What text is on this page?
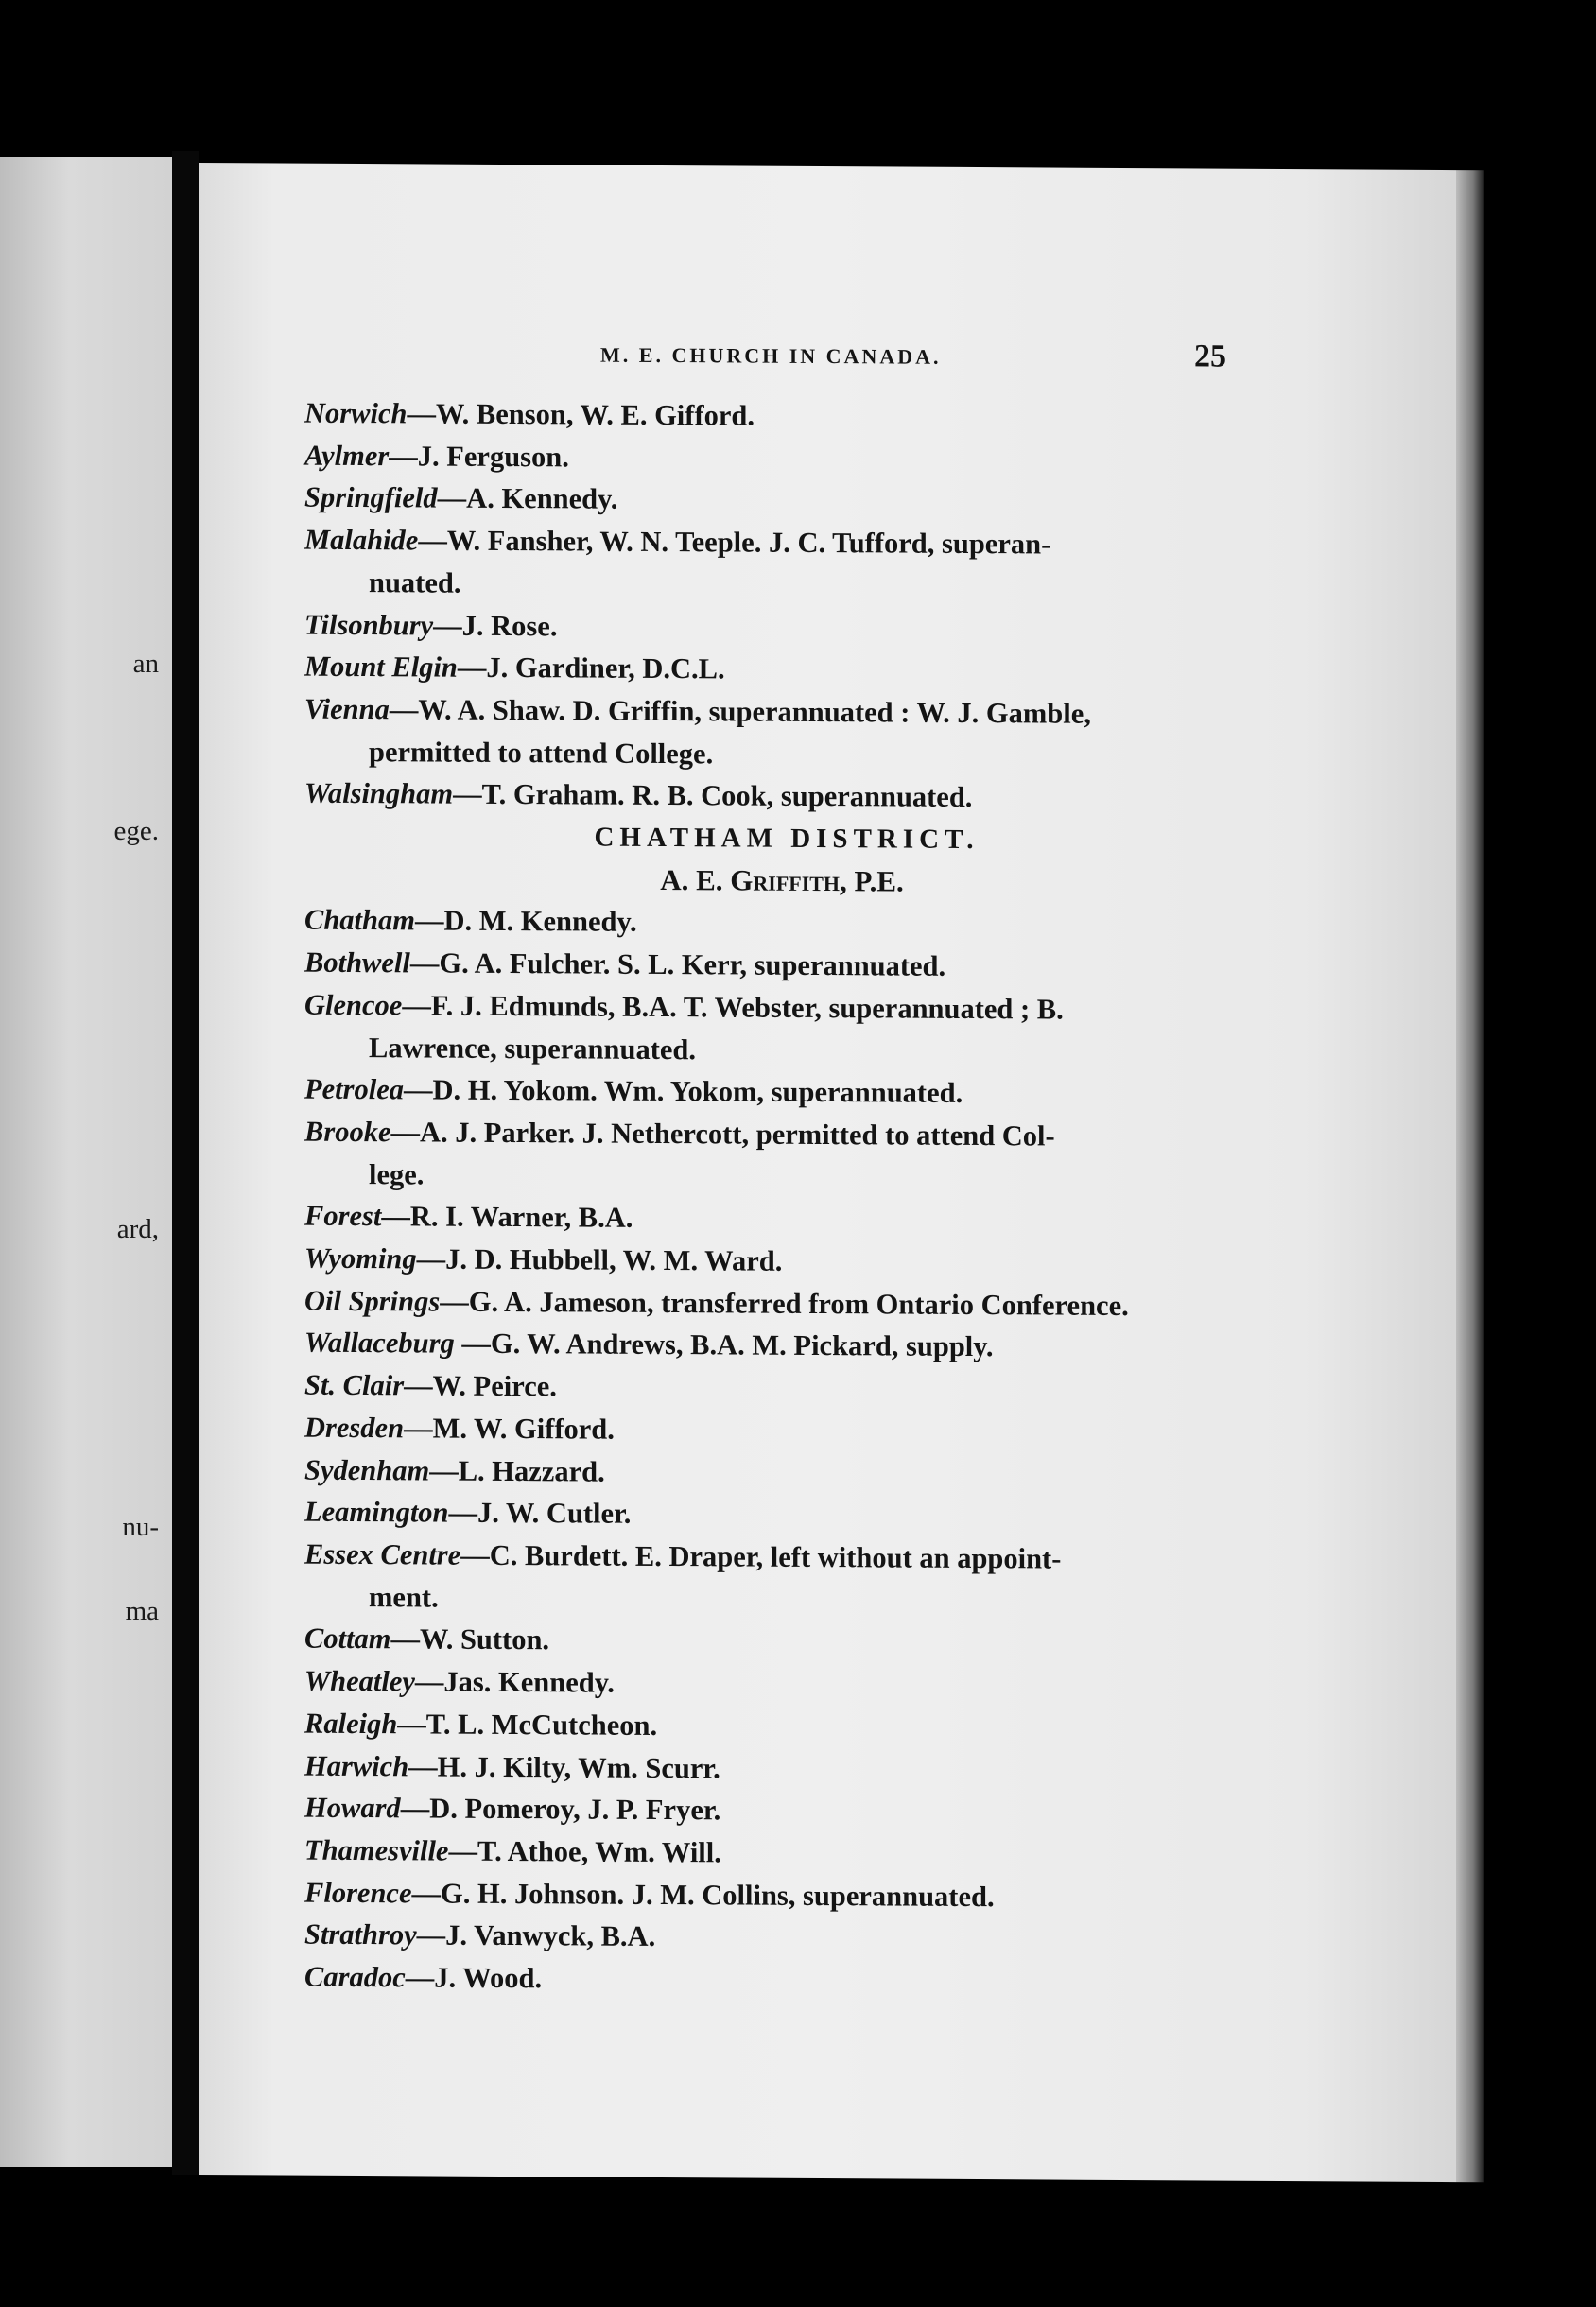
an
ege.
ard,
nu-
ma
M. E. CHURCH IN CANADA.	25
Norwich—W. Benson, W. E. Gifford.
Aylmer—J. Ferguson.
Springfield—A. Kennedy.
Malahide—W. Fansher, W. N. Teeple. J. C. Tufford, superan-
nuated.
Tilsonbury—J. Rose.
Mount Elgin—J. Gardiner, D.C.L.
Vienna—W. A. Shaw. D. Griffin, superannuated : W. J. Gamble,
permitted to attend College.
Walsingham—T. Graham. R. B. Cook, superannuated.
CHATHAM DISTRICT.
A. E. Griffith, P.E.
Chatham—D. M. Kennedy.
Bothwell—G. A. Fulcher. S. L. Kerr, superannuated.
Glencoe—F. J. Edmunds, B.A. T. Webster, superannuated ; B.
Lawrence, superannuated.
Petrolea—D. H. Yokom. Wm. Yokom, superannuated.
Brooke—A. J. Parker. J. Nethercott, permitted to attend Col-
lege.
Forest—R. I. Warner, B.A.
Wyoming—J. D. Hubbell, W. M. Ward.
Oil Springs—G. A. Jameson, transferred from Ontario Conference.
Wallaceburg —G. W. Andrews, B.A. M. Pickard, supply.
St. Clair—W. Peirce.
Dresden—M. W. Gifford.
Sydenham—L. Hazzard.
Leamington—J. W. Cutler.
Essex Centre—C. Burdett. E. Draper, left without an appoint-
ment.
Cottam—W. Sutton.
Wheatley—Jas. Kennedy.
Raleigh—T. L. McCutcheon.
Harwich—H. J. Kilty, Wm. Scurr.
Howard—D. Pomeroy, J. P. Fryer.
Thamesville—T. Athoe, Wm. Will.
Florence—G. H. Johnson. J. M. Collins, superannuated.
Strathroy—J. Vanwyck, B.A.
Caradoc—J. Wood.
